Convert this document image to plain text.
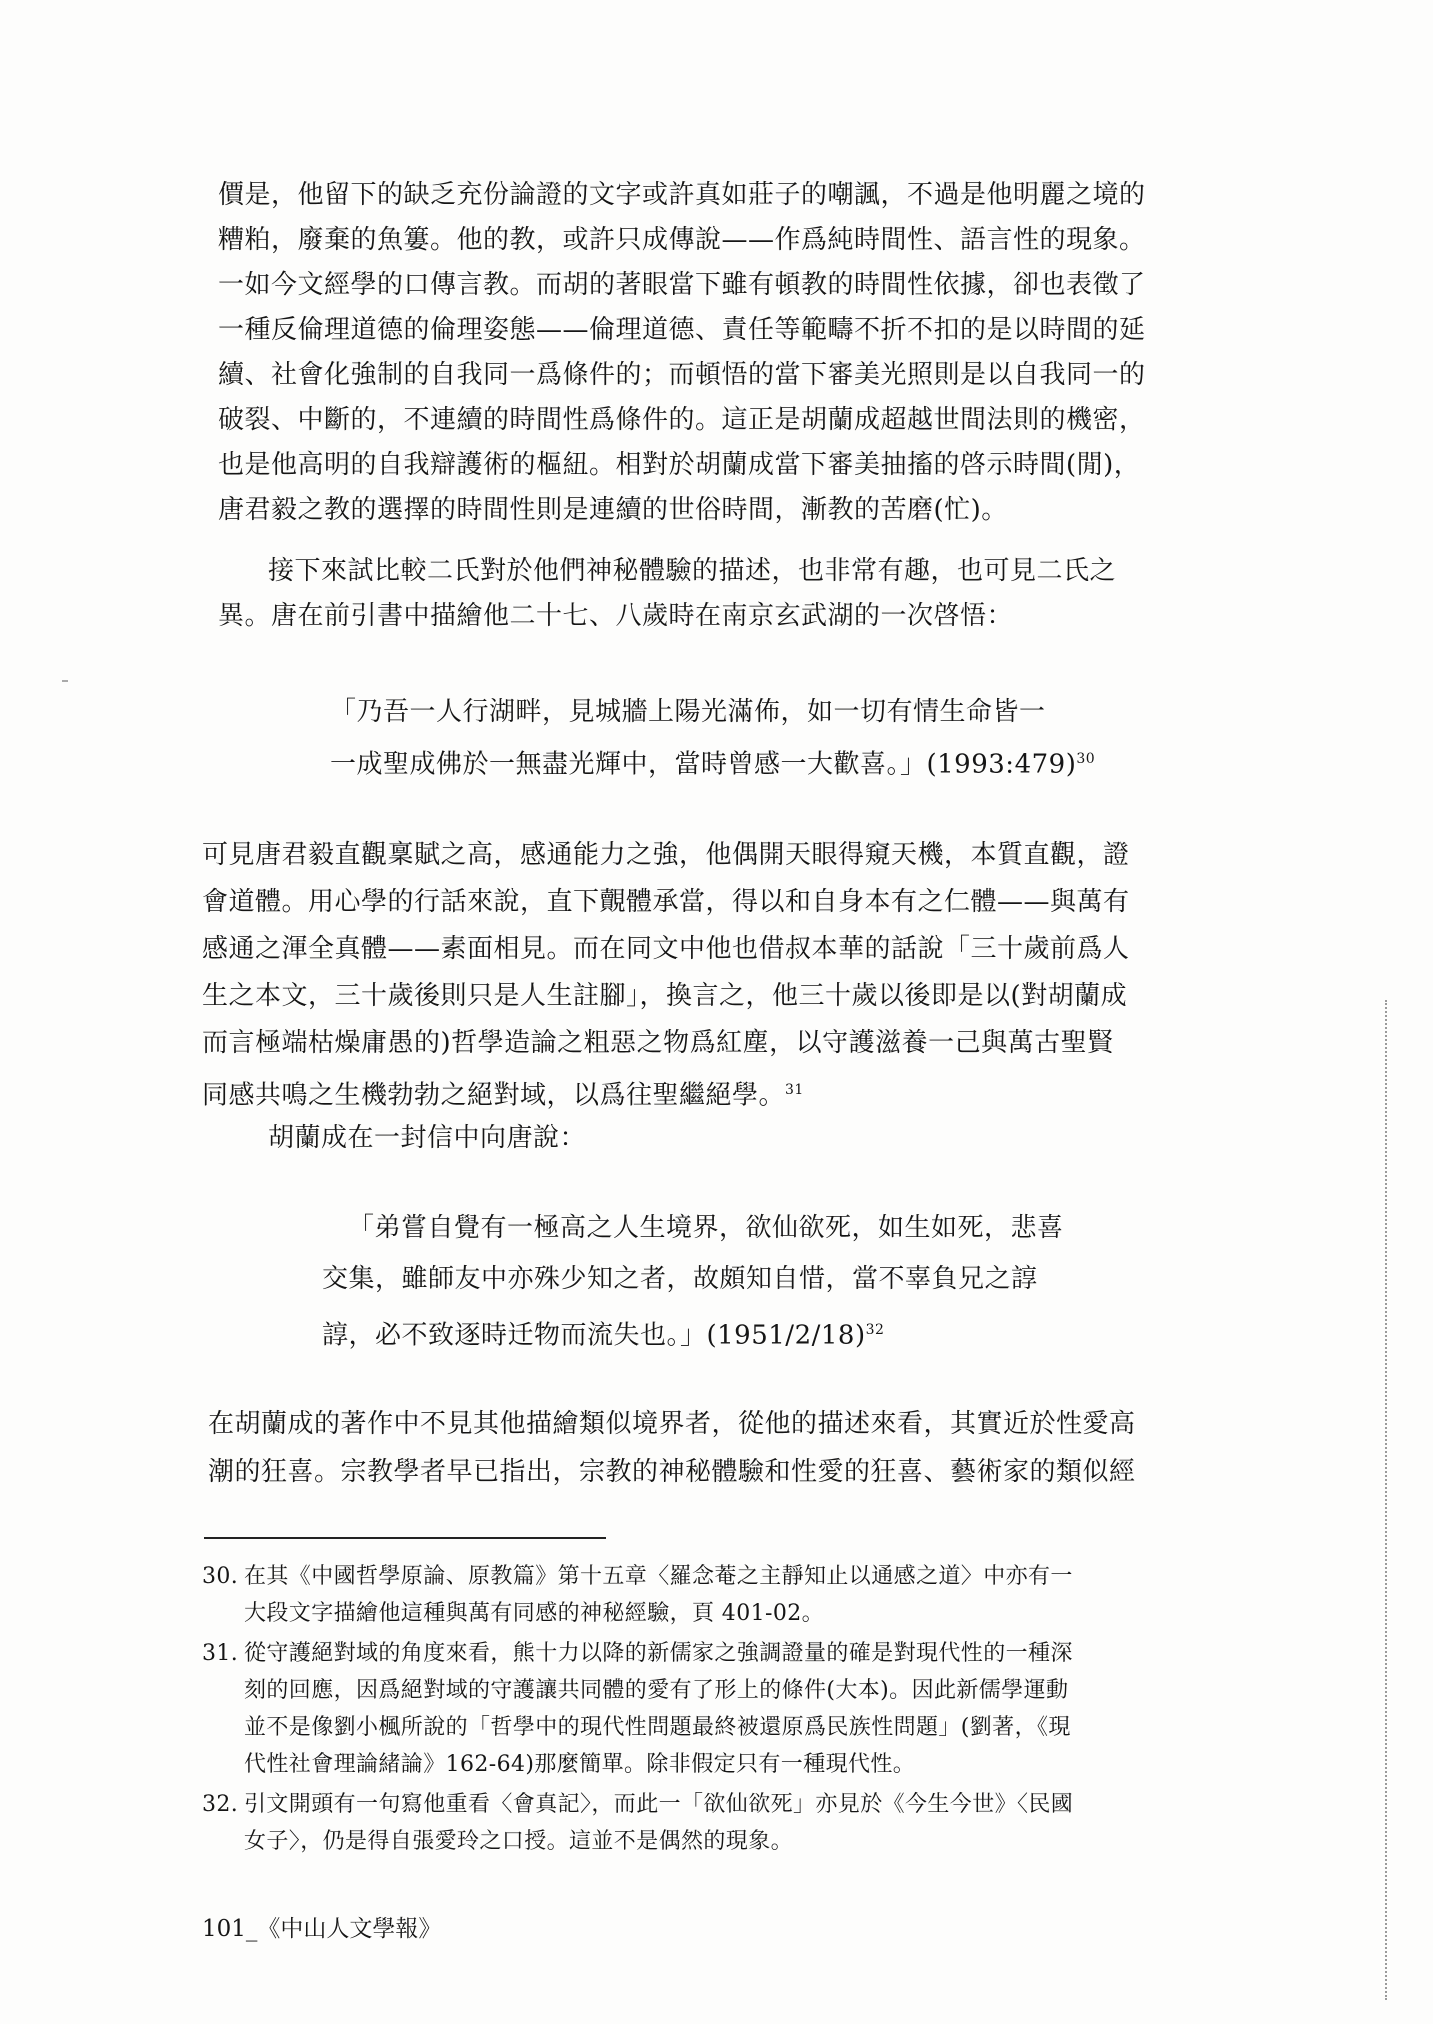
價是，他留下的缺乏充份論證的文字或許真如莊子的嘲諷，不過是他明麗之境的
糟粕，廢棄的魚簍。他的教，或許只成傳說——作爲純時間性、語言性的現象。
一如今文經學的口傳言教。而胡的著眼當下雖有頓教的時間性依據，卻也表徵了
一種反倫理道德的倫理姿態——倫理道德、責任等範疇不折不扣的是以時間的延
續、社會化強制的自我同一爲條件的；而頓悟的當下審美光照則是以自我同一的
破裂、中斷的，不連續的時間性爲條件的。這正是胡蘭成超越世間法則的機密，
也是他高明的自我辯護術的樞紐。相對於胡蘭成當下審美抽搐的啓示時間(閒)，
唐君毅之教的選擇的時間性則是連續的世俗時間，漸教的苦磨(忙)。
接下來試比較二氏對於他們神秘體驗的描述，也非常有趣，也可見二氏之
異。唐在前引書中描繪他二十七、八歲時在南京玄武湖的一次啓悟：
「乃吾一人行湖畔，見城牆上陽光滿佈，如一切有情生命皆一
一成聖成佛於一無盡光輝中，當時曾感一大歡喜。」(1993:479)$^{30}$
可見唐君毅直觀稟賦之高，感通能力之強，他偶開天眼得窺天機，本質直觀，證
會道體。用心學的行話來說，直下覿體承當，得以和自身本有之仁體——與萬有
感通之渾全真體——素面相見。而在同文中他也借叔本華的話說「三十歲前爲人
生之本文，三十歲後則只是人生註腳」，換言之，他三十歲以後即是以(對胡蘭成
而言極端枯燥庸愚的)哲學造論之粗惡之物爲紅塵，以守護滋養一己與萬古聖賢
同感共鳴之生機勃勃之絕對域，以爲往聖繼絕學。$^{31}$
胡蘭成在一封信中向唐說：
「弟嘗自覺有一極高之人生境界，欲仙欲死，如生如死，悲喜
交集，雖師友中亦殊少知之者，故頗知自惜，當不辜負兄之諄
諄，必不致逐時迁物而流失也。」$(1951/2/18)^{32}$
在胡蘭成的著作中不見其他描繪類似境界者，從他的描述來看，其實近於性愛高
潮的狂喜。宗教學者早已指出，宗教的神秘體驗和性愛的狂喜、藝術家的類似經
30. 在其《中國哲學原論、原教篇》第十五章〈羅念菴之主靜知止以通感之道〉中亦有一
大段文字描繪他這種與萬有同感的神秘經驗，頁 401-02。
31. 從守護絕對域的角度來看，熊十力以降的新儒家之強調證量的確是對現代性的一種深
刻的回應，因爲絕對域的守護讓共同體的愛有了形上的條件(大本)。因此新儒學運動
並不是像劉小楓所說的「哲學中的現代性問題最終被還原爲民族性問題」(劉著，《現
代性社會理論緒論》162-64)那麼簡單。除非假定只有一種現代性。
32. 引文開頭有一句寫他重看〈會真記〉，而此一「欲仙欲死」亦見於《今生今世》〈民國
女子〉，仍是得自張愛玲之口授。這並不是偶然的現象。
101_《中山人文學報》
